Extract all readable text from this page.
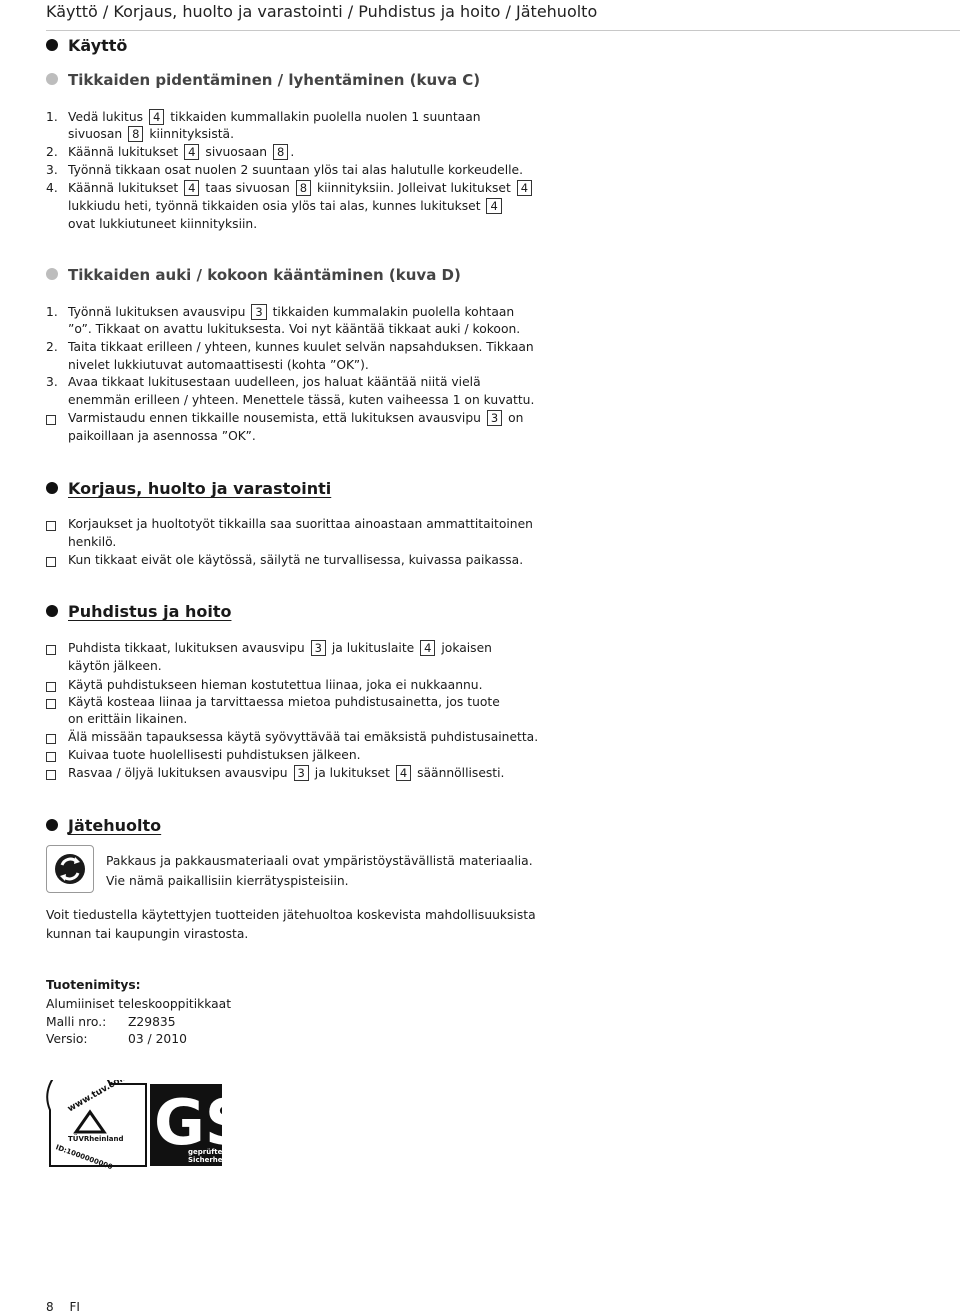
Käyttö / Korjaus, huolto ja varastointi / Puhdistus ja hoito / Jätehuolto
Käyttö
Tikkaiden pidentäminen / lyhentäminen (kuva C)
1. Vedä lukitus 4 tikkaiden kummallakin puolella nuolen 1 suuntaan
sivuosan 8 kiinnityksistä.
2. Käännä lukitukset 4 sivuosaan 8 .
3. Työnnä tikkaan osat nuolen 2 suuntaan ylös tai alas halutulle korkeudelle.
4. Käännä lukitukset 4 taas sivuosan 8 kiinnityksiin. Jolleivat lukitukset 4
lukkiudu heti, työnnä tikkaiden osia ylös tai alas, kunnes lukitukset 4
ovat lukkiutuneet kiinnityksiin.
Tikkaiden auki / kokoon kääntäminen (kuva D)
1. Työnnä lukituksen avausvipu 3 tikkaiden kummalakin puolella kohtaan
”o”. Tikkaat on avattu lukituksesta. Voi nyt kääntää tikkaat auki / kokoon.
2. Taita tikkaat erilleen / yhteen, kunnes kuulet selvän napsahduksen. Tikkaan
nivelet lukkiutuvat automaattisesti (kohta ”OK”).
3. Avaa tikkaat lukitusestaan uudelleen, jos haluat kääntää niitä vielä
enemmän erilleen / yhteen. Menettele tässä, kuten vaiheessa 1 on kuvattu.
Varmistaudu ennen tikkaille nousemista, että lukituksen avausvipu 3 on
paikoillaan ja asennossa ”OK”.
Korjaus, huolto ja varastointi
Korjaukset ja huoltotyöt tikkailla saa suorittaa ainoastaan ammattitaitoinen
henkilö.
Kun tikkaat eivät ole käytössä, säilytä ne turvallisessa, kuivassa paikassa.
Puhdistus ja hoito
Puhdista tikkaat, lukituksen avausvipu 3 ja lukituslaite 4 jokaisen
käytön jälkeen.
Käytä puhdistukseen hieman kostutettua liinaa, joka ei nukkaannu.
Käytä kosteaa liinaa ja tarvittaessa mietoa puhdistusainetta, jos tuote
on erittäin likainen.
Älä missään tapauksessa käytä syövyttävää tai emäksistä puhdistusainetta.
Kuivaa tuote huolellisesti puhdistuksen jälkeen.
Rasvaa / öljyä lukituksen avausvipu 3 ja lukitukset 4 säännöllisesti.
Jätehuolto
Pakkaus ja pakkausmateriaali ovat ympäristöystävällistä materiaalia.
Vie nämä paikallisiin kierrätyspisteisiin.
Voit tiedustella käytettyjen tuotteiden jätehuoltoa koskevista mahdollisuuksista
kunnan tai kaupungin virastosta.
Tuotenimitys:
Alumiiniset teleskooppitikkaat
Malli nro.: Z29835
Versio:	03 / 2010
www.tuv.com
TÜVRheinland
ID:1000000000 G
geprüfte
Sicherheit
8 FI
